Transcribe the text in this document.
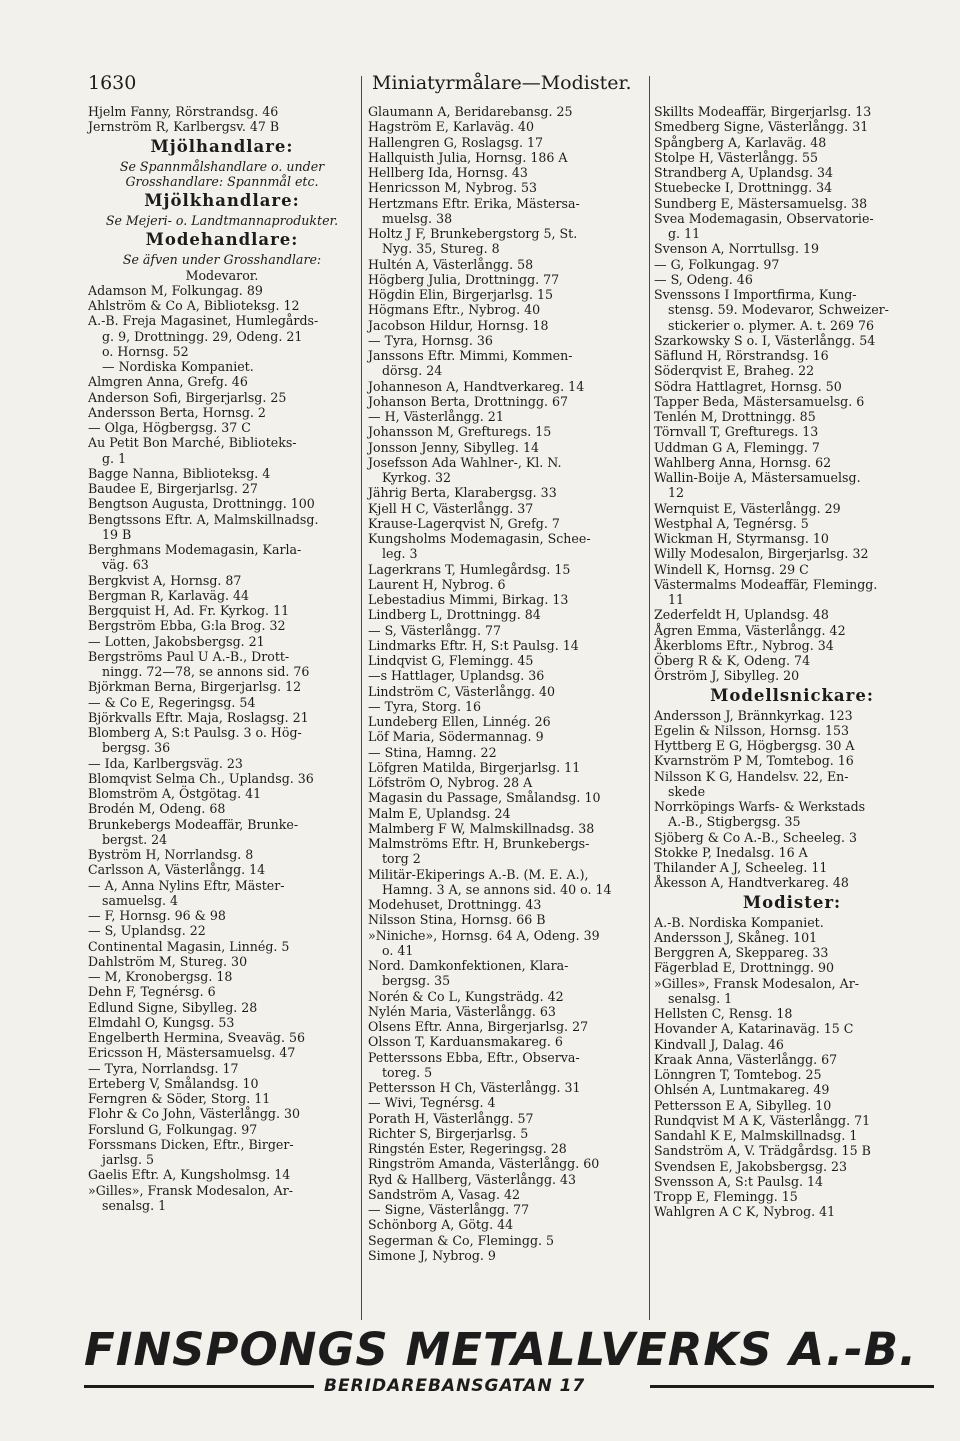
1630	Miniatyrmålare—Modister.
Hjelm Fanny, Rörstrandsg. 46
Jernström R, Karlbergsv. 47 B
Mjölhandlare:
Se Spannmålshandlare o. under
Grosshandlare: Spannmål etc.
Mjölkhandlare:
Se Mejeri- o. Landtmannaprodukter.
Modehandlare:
Se äfven under Grosshandlare:
Modevaror.
Adamson M, Folkungag. 89
Ahlström & Co A, Biblioteksg. 12
A.-B. Freja Magasinet, Humlegårds-
g. 9, Drottningg. 29, Odeng. 21
o. Hornsg. 52
— Nordiska Kompaniet.
Almgren Anna, Grefg. 46
Anderson Sofi, Birgerjarlsg. 25
Andersson Berta, Hornsg. 2
— Olga, Högbergsg. 37 C
Au Petit Bon Marché, Biblioteks-
g. 1
Bagge Nanna, Biblioteksg. 4
Baudee E, Birgerjarlsg. 27
Bengtson Augusta, Drottningg. 100
Bengtssons Eftr. A, Malmskillnadsg.
19 B
Berghmans Modemagasin, Karla-
väg. 63
Bergkvist A, Hornsg. 87
Bergman R, Karlaväg. 44
Bergquist H, Ad. Fr. Kyrkog. 11
Bergström Ebba, G:la Brog. 32
— Lotten, Jakobsbergsg. 21
Bergströms Paul U A.-B., Drott-
ningg. 72—78, se annons sid. 76
Björkman Berna, Birgerjarlsg. 12
— & Co E, Regeringsg. 54
Björkvalls Eftr. Maja, Roslagsg. 21
Blomberg A, S:t Paulsg. 3 o. Hög-
bergsg. 36
— Ida, Karlbergsväg. 23
Blomqvist Selma Ch., Uplandsg. 36
Blomström A, Östgötag. 41
Brodén M, Odeng. 68
Brunkebergs Modeaffär, Brunke-
bergst. 24
Byström H, Norrlandsg. 8
Carlsson A, Västerlångg. 14
— A, Anna Nylins Eftr, Mäster-
samuelsg. 4
— F, Hornsg. 96 & 98
— S, Uplandsg. 22
Continental Magasin, Linnég. 5
Dahlström M, Stureg. 30
— M, Kronobergsg. 18
Dehn F, Tegnérsg. 6
Edlund Signe, Sibylleg. 28
Elmdahl O, Kungsg. 53
Engelberth Hermina, Sveaväg. 56
Ericsson H, Mästersamuelsg. 47
— Tyra, Norrlandsg. 17
Erteberg V, Smålandsg. 10
Ferngren & Söder, Storg. 11
Flohr & Co John, Västerlångg. 30
Forslund G, Folkungag. 97
Forssmans Dicken, Eftr., Birger-
jarlsg. 5
Gaelis Eftr. A, Kungsholmsg. 14
»Gilles», Fransk Modesalon, Ar-
senalsg. 1
Glaumann A, Beridarebansg. 25
Hagström E, Karlaväg. 40
Hallengren G, Roslagsg. 17
Hallquisth Julia, Hornsg. 186 A
Hellberg Ida, Hornsg. 43
Henricsson M, Nybrog. 53
Hertzmans Eftr. Erika, Mästersa-
muelsg. 38
Holtz J F, Brunkebergstorg 5, St.
Nyg. 35, Stureg. 8
Hultén A, Västerlångg. 58
Högberg Julia, Drottningg. 77
Högdin Elin, Birgerjarlsg. 15
Högmans Eftr., Nybrog. 40
Jacobson Hildur, Hornsg. 18
— Tyra, Hornsg. 36
Janssons Eftr. Mimmi, Kommen-
dörsg. 24
Johanneson A, Handtverkareg. 14
Johanson Berta, Drottningg. 67
— H, Västerlångg. 21
Johansson M, Grefturegs. 15
Jonsson Jenny, Sibylleg. 14
Josefsson Ada Wahlner-, Kl. N.
Kyrkog. 32
Jährig Berta, Klarabergsg. 33
Kjell H C, Västerlångg. 37
Krause-Lagerqvist N, Grefg. 7
Kungsholms Modemagasin, Schee-
leg. 3
Lagerkrans T, Humlegårdsg. 15
Laurent H, Nybrog. 6
Lebestadius Mimmi, Birkag. 13
Lindberg L, Drottningg. 84
— S, Västerlångg. 77
Lindmarks Eftr. H, S:t Paulsg. 14
Lindqvist G, Flemingg. 45
—s Hattlager, Uplandsg. 36
Lindström C, Västerlångg. 40
— Tyra, Storg. 16
Lundeberg Ellen, Linnég. 26
Löf Maria, Södermannag. 9
— Stina, Hamng. 22
Löfgren Matilda, Birgerjarlsg. 11
Löfström O, Nybrog. 28 A
Magasin du Passage, Smålandsg. 10
Malm E, Uplandsg. 24
Malmberg F W, Malmskillnadsg. 38
Malmströms Eftr. H, Brunkebergs-
torg 2
Militär-Ekiperings A.-B. (M. E. A.),
Hamng. 3 A, se annons sid. 40 o. 14
Modehuset, Drottningg. 43
Nilsson Stina, Hornsg. 66 B
»Niniche», Hornsg. 64 A, Odeng. 39
o. 41
Nord. Damkonfektionen, Klara-
bergsg. 35
Norén & Co L, Kungsträdg. 42
Nylén Maria, Västerlångg. 63
Olsens Eftr. Anna, Birgerjarlsg. 27
Olsson T, Karduansmakareg. 6
Petterssons Ebba, Eftr., Observa-
toreg. 5
Pettersson H Ch, Västerlångg. 31
— Wivi, Tegnérsg. 4
Porath H, Västerlångg. 57
Richter S, Birgerjarlsg. 5
Ringstén Ester, Regeringsg. 28
Ringström Amanda, Västerlångg. 60
Ryd & Hallberg, Västerlångg. 43
Sandström A, Vasag. 42
— Signe, Västerlångg. 77
Schönborg A, Götg. 44
Segerman & Co, Flemingg. 5
Simone J, Nybrog. 9
Skillts Modeaffär, Birgerjarlsg. 13
Smedberg Signe, Västerlångg. 31
Spångberg A, Karlaväg. 48
Stolpe H, Västerlångg. 55
Strandberg A, Uplandsg. 34
Stuebecke I, Drottningg. 34
Sundberg E, Mästersamuelsg. 38
Svea Modemagasin, Observatorie-
g. 11
Svenson A, Norrtullsg. 19
— G, Folkungag. 97
— S, Odeng. 46
Svenssons I Importfirma, Kung-
stensg. 59. Modevaror, Schweizer-
stickerier o. plymer. A. t. 269 76
Szarkowsky S o. I, Västerlångg. 54
Säflund H, Rörstrandsg. 16
Söderqvist E, Braheg. 22
Södra Hattlagret, Hornsg. 50
Tapper Beda, Mästersamuelsg. 6
Tenlén M, Drottningg. 85
Törnvall T, Grefturegs. 13
Uddman G A, Flemingg. 7
Wahlberg Anna, Hornsg. 62
Wallin-Boije A, Mästersamuelsg.
12
Wernquist E, Västerlångg. 29
Westphal A, Tegnérsg. 5
Wickman H, Styrmansg. 10
Willy Modesalon, Birgerjarlsg. 32
Windell K, Hornsg. 29 C
Västermalms Modeaffär, Flemingg.
11
Zederfeldt H, Uplandsg. 48
Ågren Emma, Västerlångg. 42
Åkerbloms Eftr., Nybrog. 34
Öberg R & K, Odeng. 74
Örström J, Sibylleg. 20
Modellsnickare:
Andersson J, Brännkyrkag. 123
Egelin & Nilsson, Hornsg. 153
Hyttberg E G, Högbergsg. 30 A
Kvarnström P M, Tomtebog. 16
Nilsson K G, Handelsv. 22, En-
skede
Norrköpings Warfs- & Werkstads
A.-B., Stigbergsg. 35
Sjöberg & Co A.-B., Scheeleg. 3
Stokke P, Inedalsg. 16 A
Thilander A J, Scheeleg. 11
Åkesson A, Handtverkareg. 48
Modister:
A.-B. Nordiska Kompaniet.
Andersson J, Skåneg. 101
Berggren A, Skeppareg. 33
Fägerblad E, Drottningg. 90
»Gilles», Fransk Modesalon, Ar-
senalsg. 1
Hellsten C, Rensg. 18
Hovander A, Katarinaväg. 15 C
Kindvall J, Dalag. 46
Kraak Anna, Västerlångg. 67
Lönngren T, Tomtebog. 25
Ohlsén A, Luntmakareg. 49
Pettersson E A, Sibylleg. 10
Rundqvist M A K, Västerlångg. 71
Sandahl K E, Malmskillnadsg. 1
Sandström A, V. Trädgårdsg. 15 B
Svendsen E, Jakobsbergsg. 23
Svensson A, S:t Paulsg. 14
Tropp E, Flemingg. 15
Wahlgren A C K, Nybrog. 41
FINSPONGS METALLVERKS A.-B.
BERIDAREBANSGATAN 17
